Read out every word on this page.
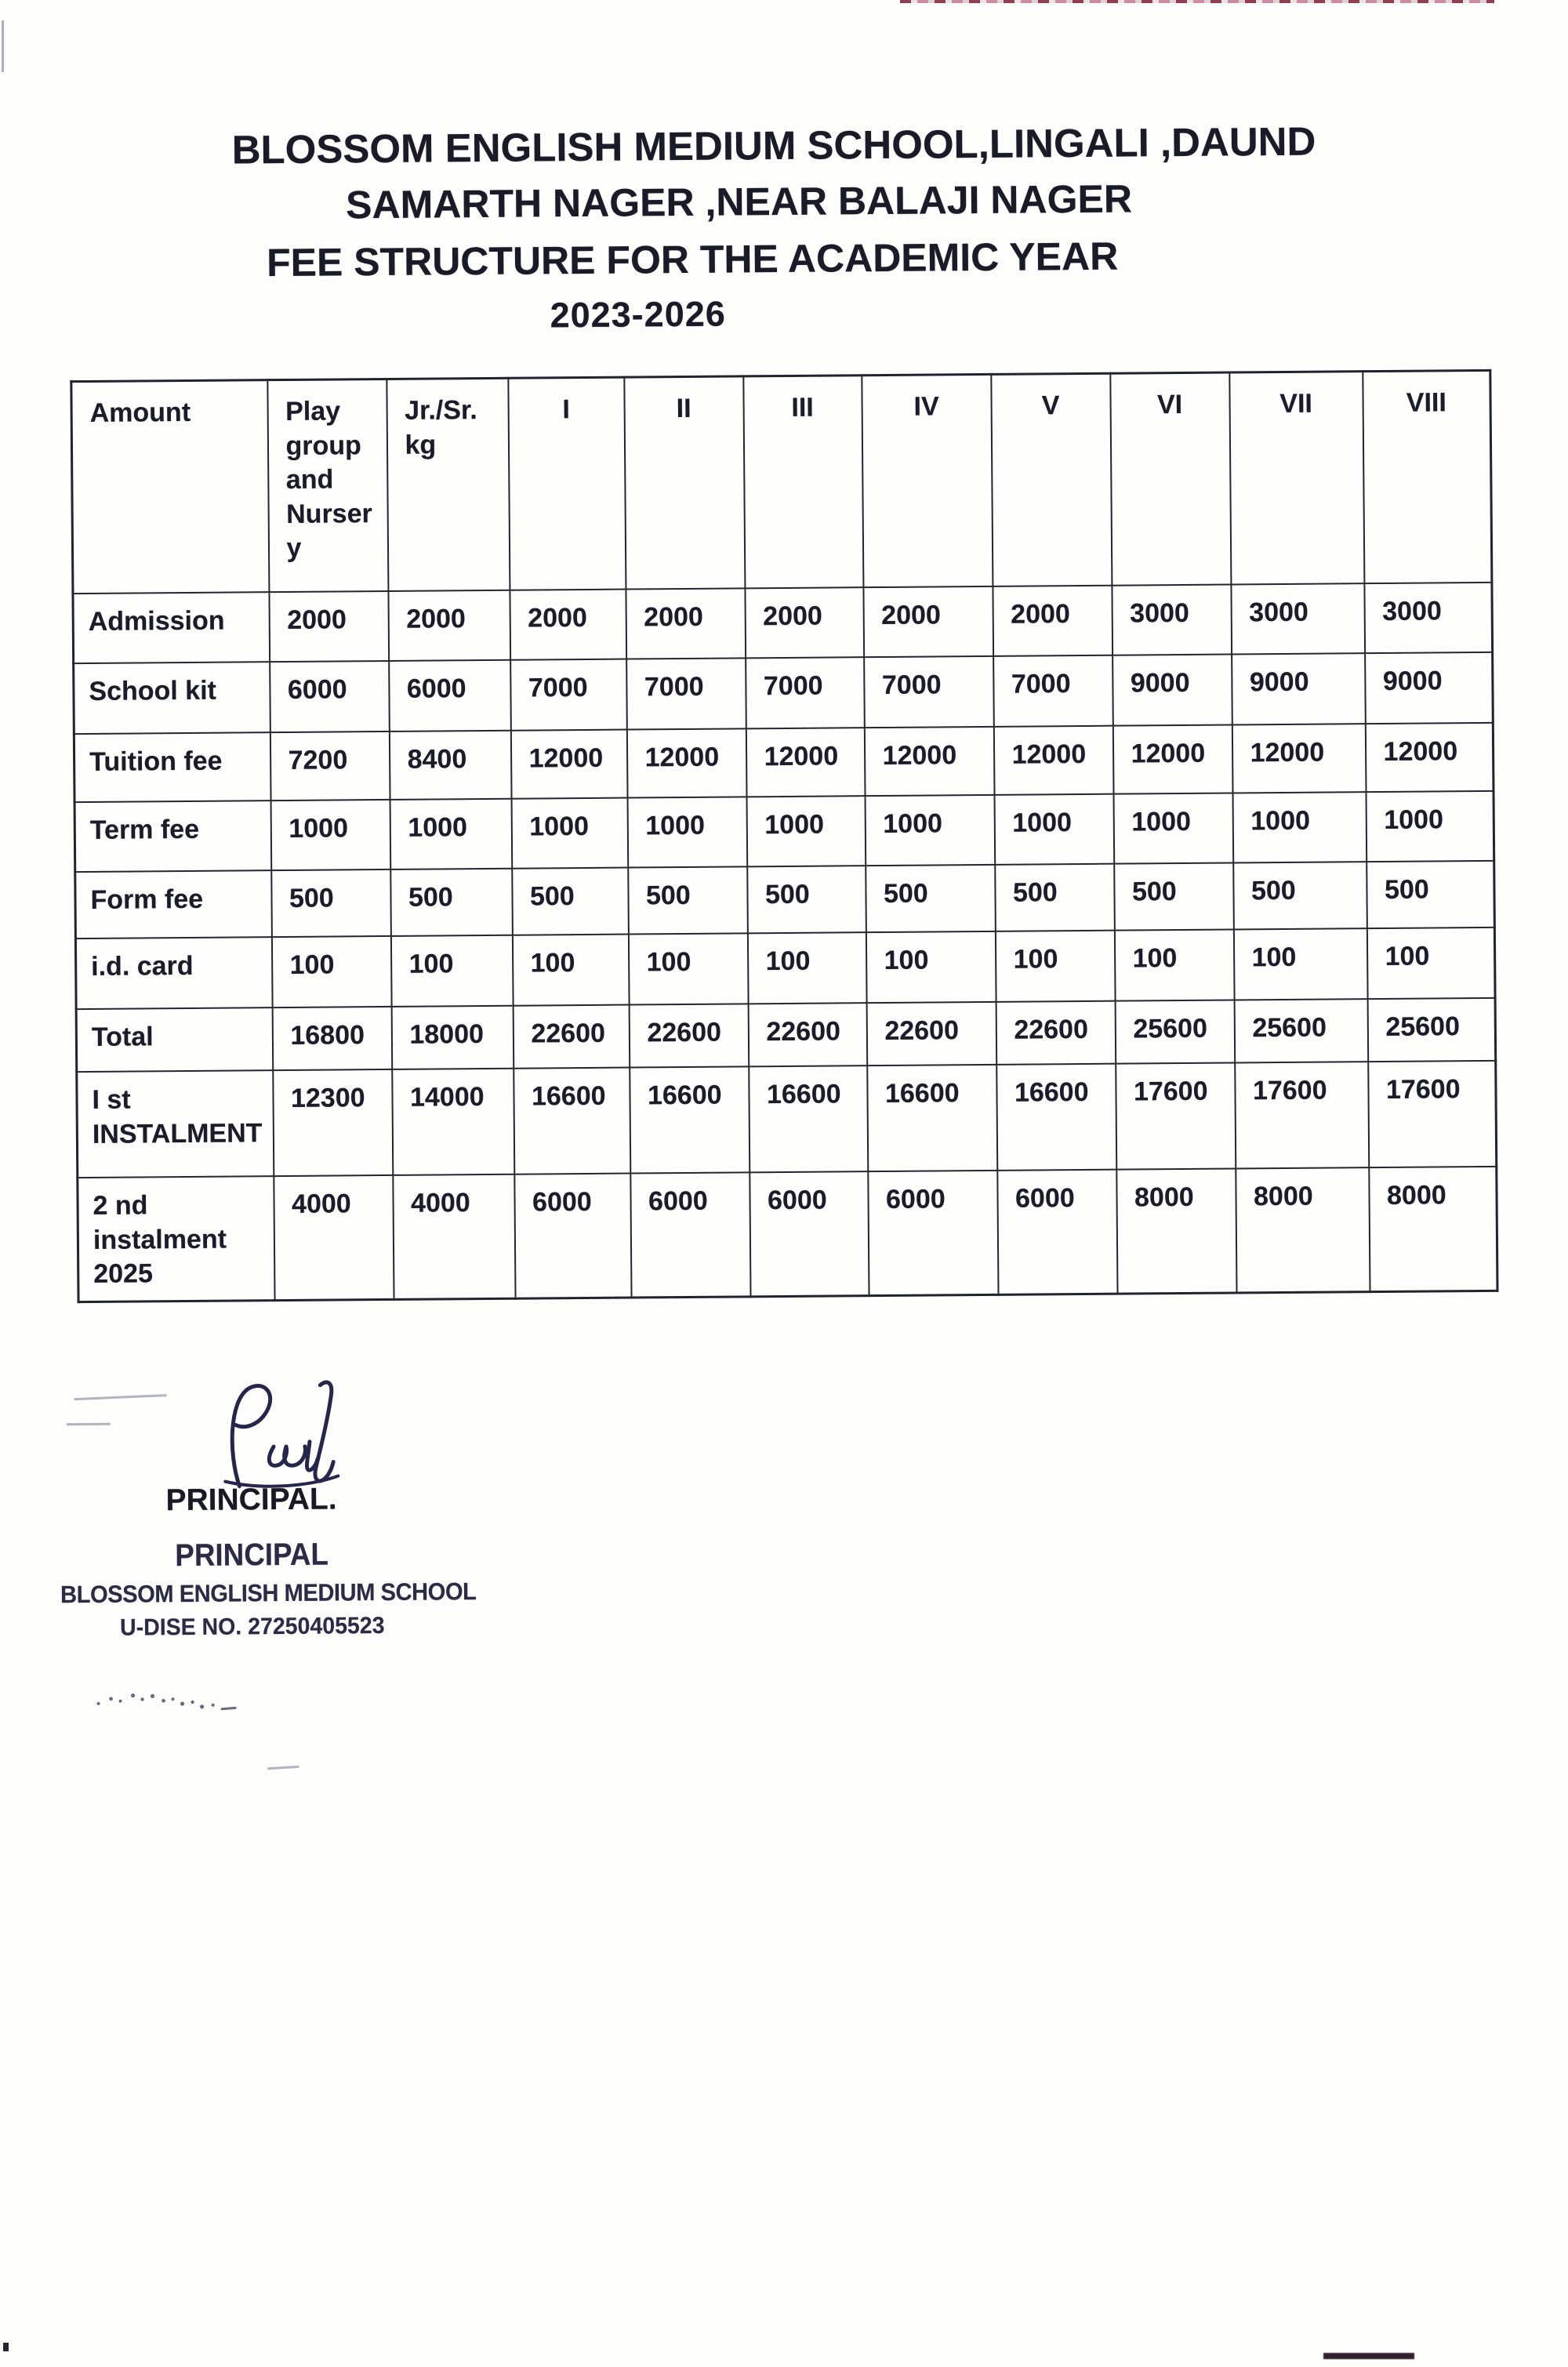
BLOSSOM ENGLISH MEDIUM SCHOOL,LINGALI ,DAUND
SAMARTH NAGER ,NEAR BALAJI NAGER
FEE STRUCTURE FOR THE ACADEMIC YEAR
2023-2026
Amount	Play group and Nursery	Jr./Sr. kg	I	II	III	IV	V	VI	VII	VIII
Admission	2000	2000	2000	2000	2000	2000	2000	3000	3000	3000
School kit	6000	6000	7000	7000	7000	7000	7000	9000	9000	9000
Tuition fee	7200	8400	12000	12000	12000	12000	12000	12000	12000	12000
Term fee	1000	1000	1000	1000	1000	1000	1000	1000	1000	1000
Form fee	500	500	500	500	500	500	500	500	500	500
i.d. card	100	100	100	100	100	100	100	100	100	100
Total	16800	18000	22600	22600	22600	22600	22600	25600	25600	25600
I st INSTALMENT	12300	14000	16600	16600	16600	16600	16600	17600	17600	17600
2 nd instalment 2025	4000	4000	6000	6000	6000	6000	6000	8000	8000	8000
PRINCIPAL.
PRINCIPAL
BLOSSOM ENGLISH MEDIUM SCHOOL
U-DISE NO. 27250405523
